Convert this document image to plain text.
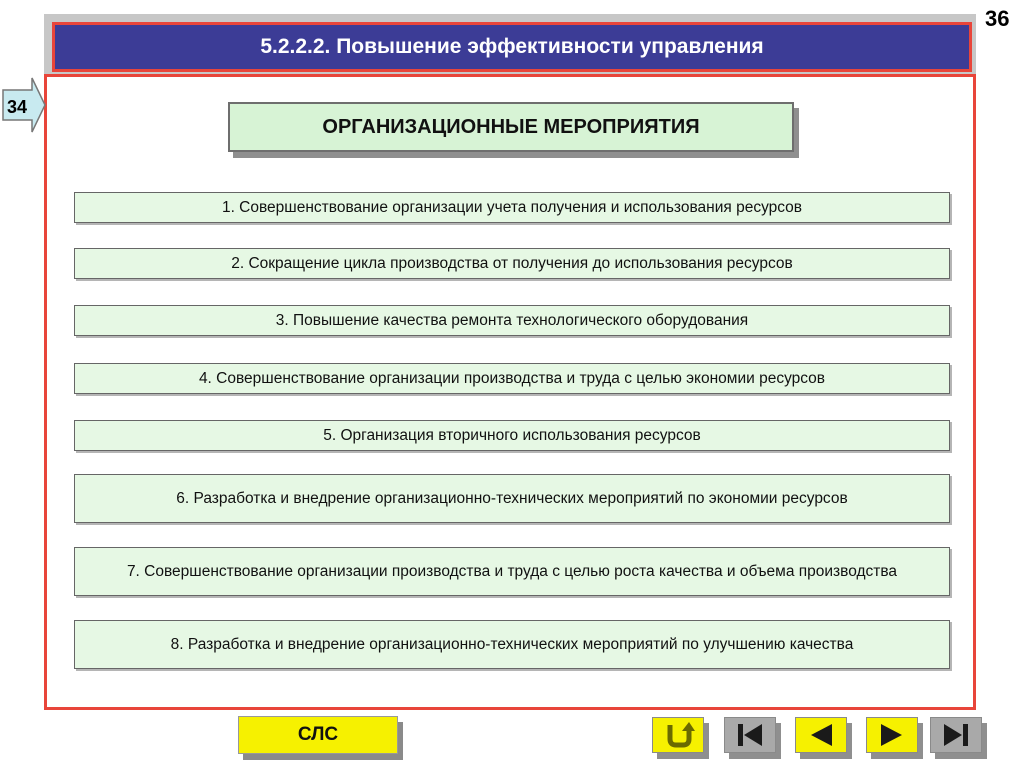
36
5.2.2.2. Повышение эффективности управления
34
ОРГАНИЗАЦИОННЫЕ МЕРОПРИЯТИЯ
1. Совершенствование организации учета получения и использования ресурсов
2. Сокращение цикла производства от получения до использования ресурсов
3. Повышение качества ремонта технологического оборудования
4. Совершенствование организации производства и труда с целью экономии ресурсов
5. Организация вторичного использования ресурсов
6. Разработка и внедрение организационно-технических мероприятий по экономии ресурсов
7. Совершенствование организации производства и труда с целью роста качества и объема производства
8. Разработка и внедрение организационно-технических мероприятий по улучшению качества
СЛС
